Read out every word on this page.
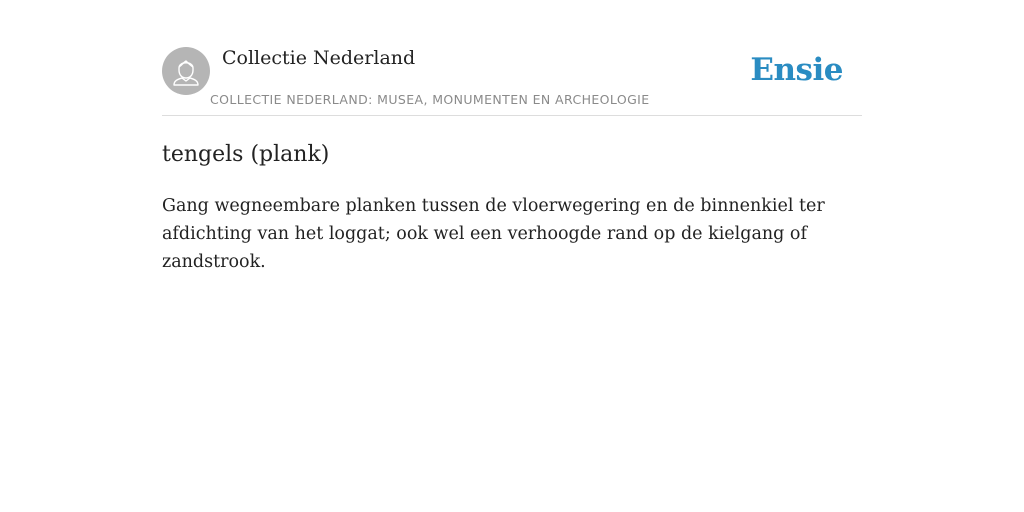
Collectie Nederland
COLLECTIE NEDERLAND: MUSEA, MONUMENTEN EN ARCHEOLOGIE
Ensie
tengels (plank)
Gang wegneembare planken tussen de vloerwegering en de binnenkiel ter afdichting van het loggat; ook wel een verhoogde rand op de kielgang of zandstrook.
